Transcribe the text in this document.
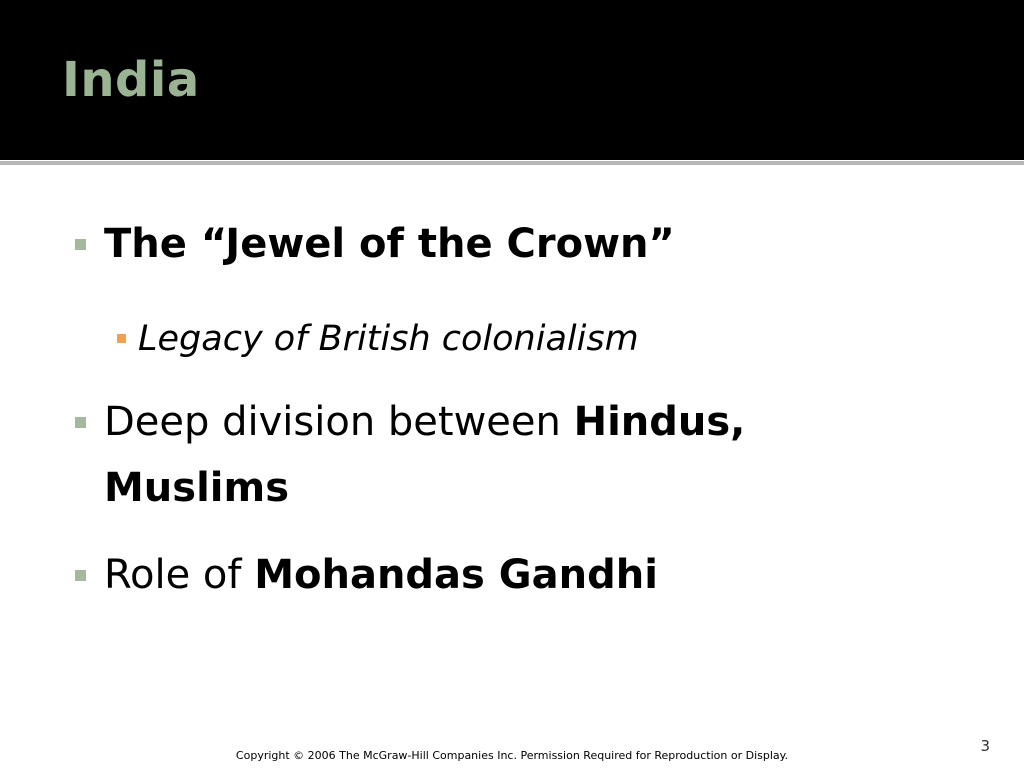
India
The “Jewel of the Crown”
Legacy of British colonialism
Deep division between Hindus, Muslims
Role of Mohandas Gandhi
3
Copyright © 2006 The McGraw-Hill Companies Inc. Permission Required for Reproduction or Display.
